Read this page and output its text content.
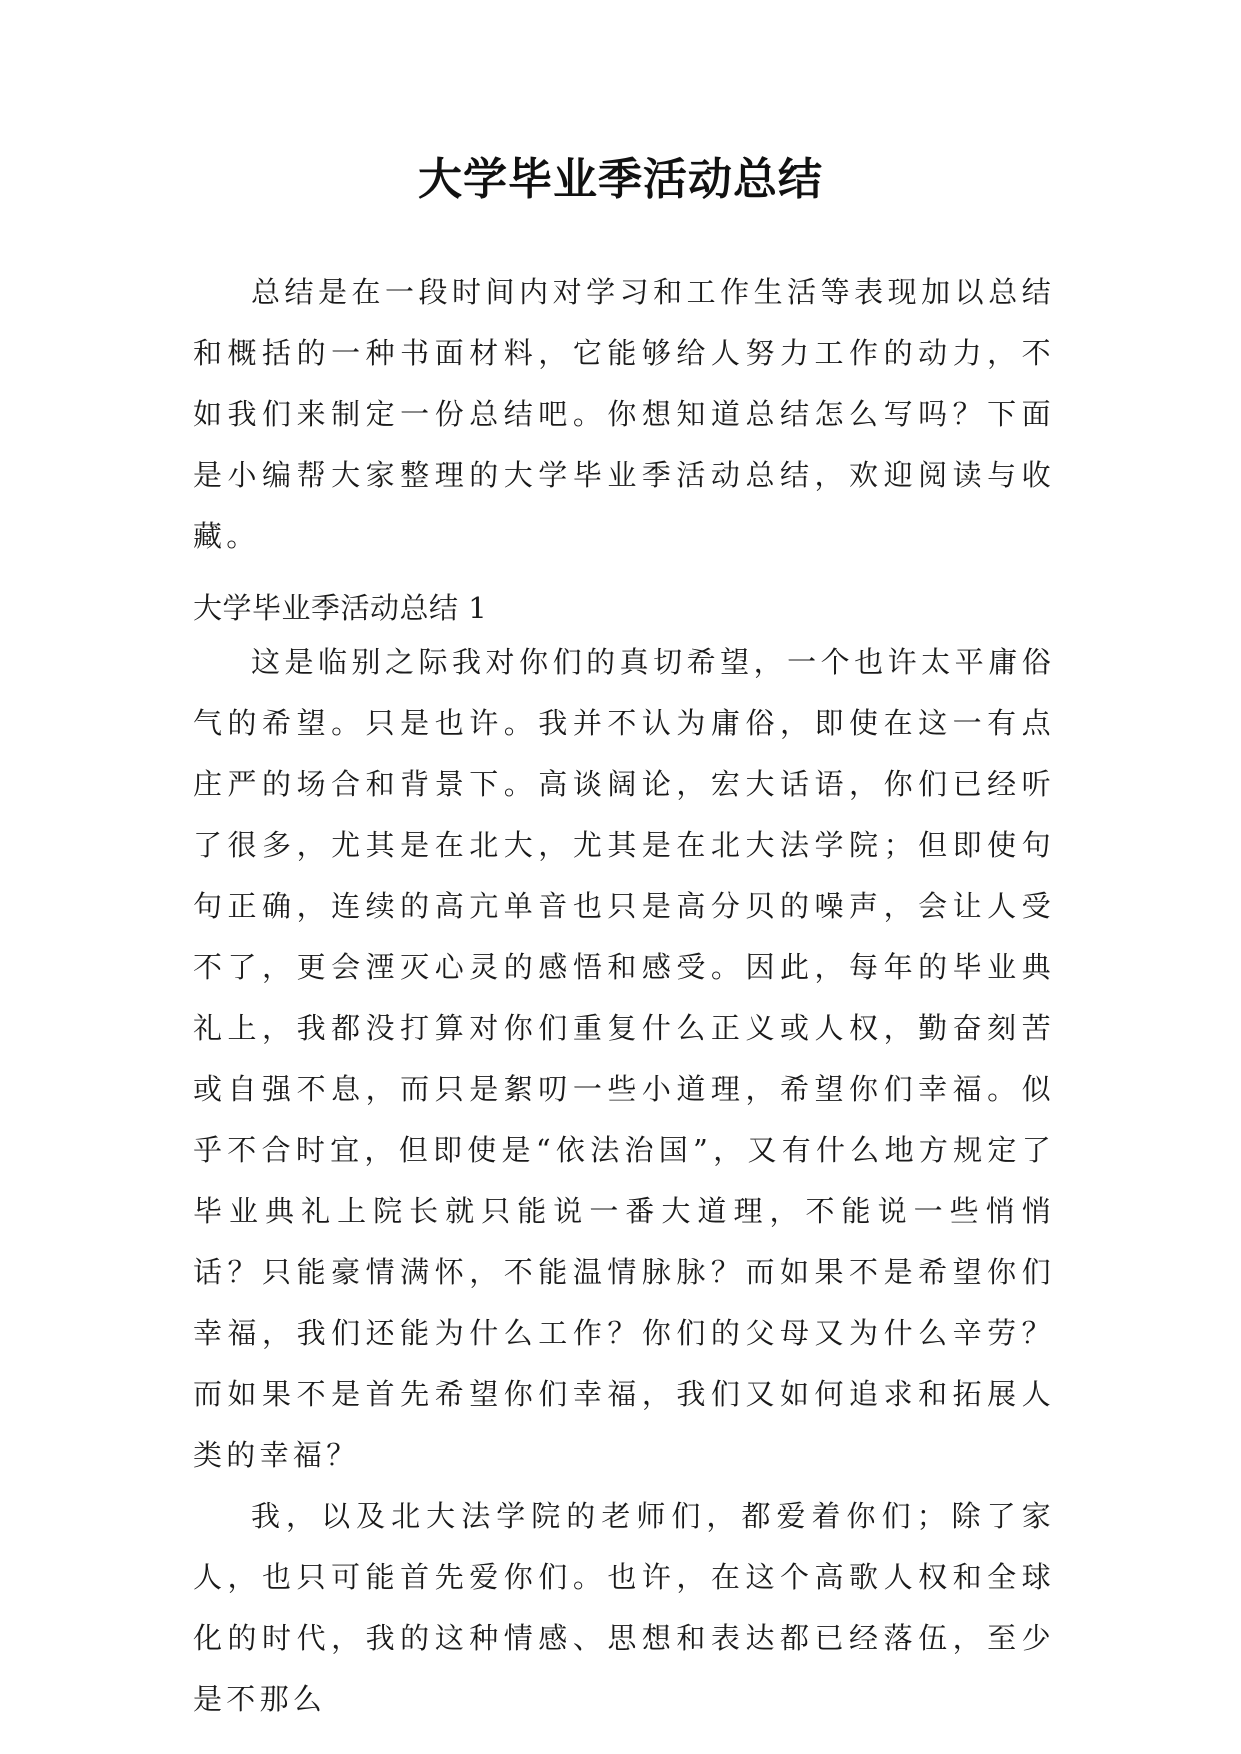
大学毕业季活动总结

总结是在一段时间内对学习和工作生活等表现加以总结和概括的一种书面材料，它能够给人努力工作的动力，不如我们来制定一份总结吧。你想知道总结怎么写吗？下面是小编帮大家整理的大学毕业季活动总结，欢迎阅读与收藏。

大学毕业季活动总结 1

这是临别之际我对你们的真切希望，一个也许太平庸俗气的希望。只是也许。我并不认为庸俗，即使在这一有点庄严的场合和背景下。高谈阔论，宏大话语，你们已经听了很多，尤其是在北大，尤其是在北大法学院；但即使句句正确，连续的高亢单音也只是高分贝的噪声，会让人受不了，更会湮灭心灵的感悟和感受。因此，每年的毕业典礼上，我都没打算对你们重复什么正义或人权，勤奋刻苦或自强不息，而只是絮叨一些小道理，希望你们幸福。似乎不合时宜，但即使是“依法治国”，又有什么地方规定了毕业典礼上院长就只能说一番大道理，不能说一些悄悄话？只能豪情满怀，不能温情脉脉？而如果不是希望你们幸福，我们还能为什么工作？你们的父母又为什么辛劳？而如果不是首先希望你们幸福，我们又如何追求和拓展人类的幸福？

我，以及北大法学院的老师们，都爱着你们；除了家人，也只可能首先爱你们。也许，在这个高歌人权和全球化的时代，我的这种情感、思想和表达都已经落伍，至少是不那么
